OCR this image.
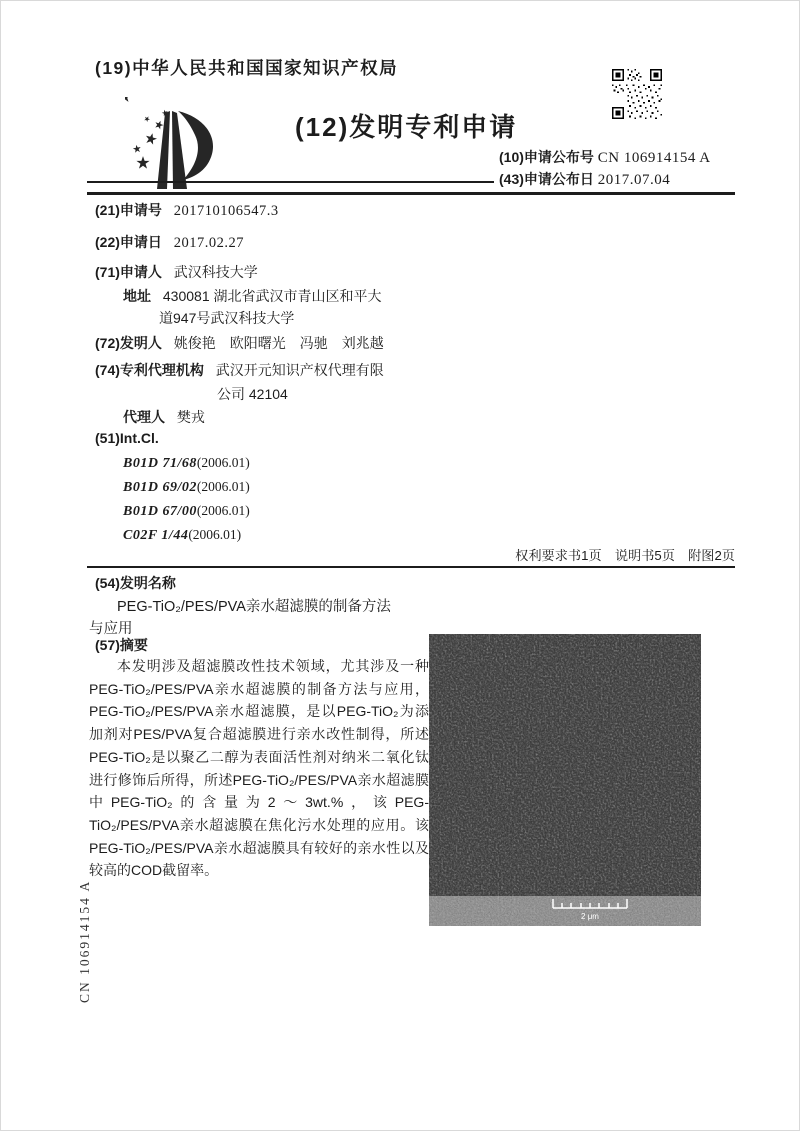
(19)中华人民共和国国家知识产权局
(12)发明专利申请
(10)申请公布号 CN 106914154 A
(43)申请公布日 2017.07.04
(21)申请号 201710106547.3
(22)申请日 2017.02.27
(71)申请人 武汉科技大学
地址 430081 湖北省武汉市青山区和平大
道947号武汉科技大学
(72)发明人 姚俊艳　欧阳曙光　冯驰　刘兆越
(74)专利代理机构 武汉开元知识产权代理有限
公司 42104
代理人 樊戎
(51)Int.Cl.
B01D 71/68(2006.01)
B01D 69/02(2006.01)
B01D 67/00(2006.01)
C02F 1/44(2006.01)
权利要求书1页　说明书5页　附图2页
(54)发明名称
PEG-TiO₂/PES/PVA亲水超滤膜的制备方法
与应用
(57)摘要
本发明涉及超滤膜改性技术领域，尤其涉及一种PEG-TiO₂/PES/PVA亲水超滤膜的制备方法与应用，PEG-TiO₂/PES/PVA亲水超滤膜，是以PEG-TiO₂为添加剂对PES/PVA复合超滤膜进行亲水改性制得，所述PEG-TiO₂是以聚乙二醇为表面活性剂对纳米二氧化钛进行修饰后所得，所述PEG-TiO₂/PES/PVA亲水超滤膜中PEG-TiO₂的含量为2～3wt.%，该PEG-TiO₂/PES/PVA亲水超滤膜在焦化污水处理的应用。该PEG-TiO₂/PES/PVA亲水超滤膜具有较好的亲水性以及较高的COD截留率。
2 μm
CN 106914154 A
